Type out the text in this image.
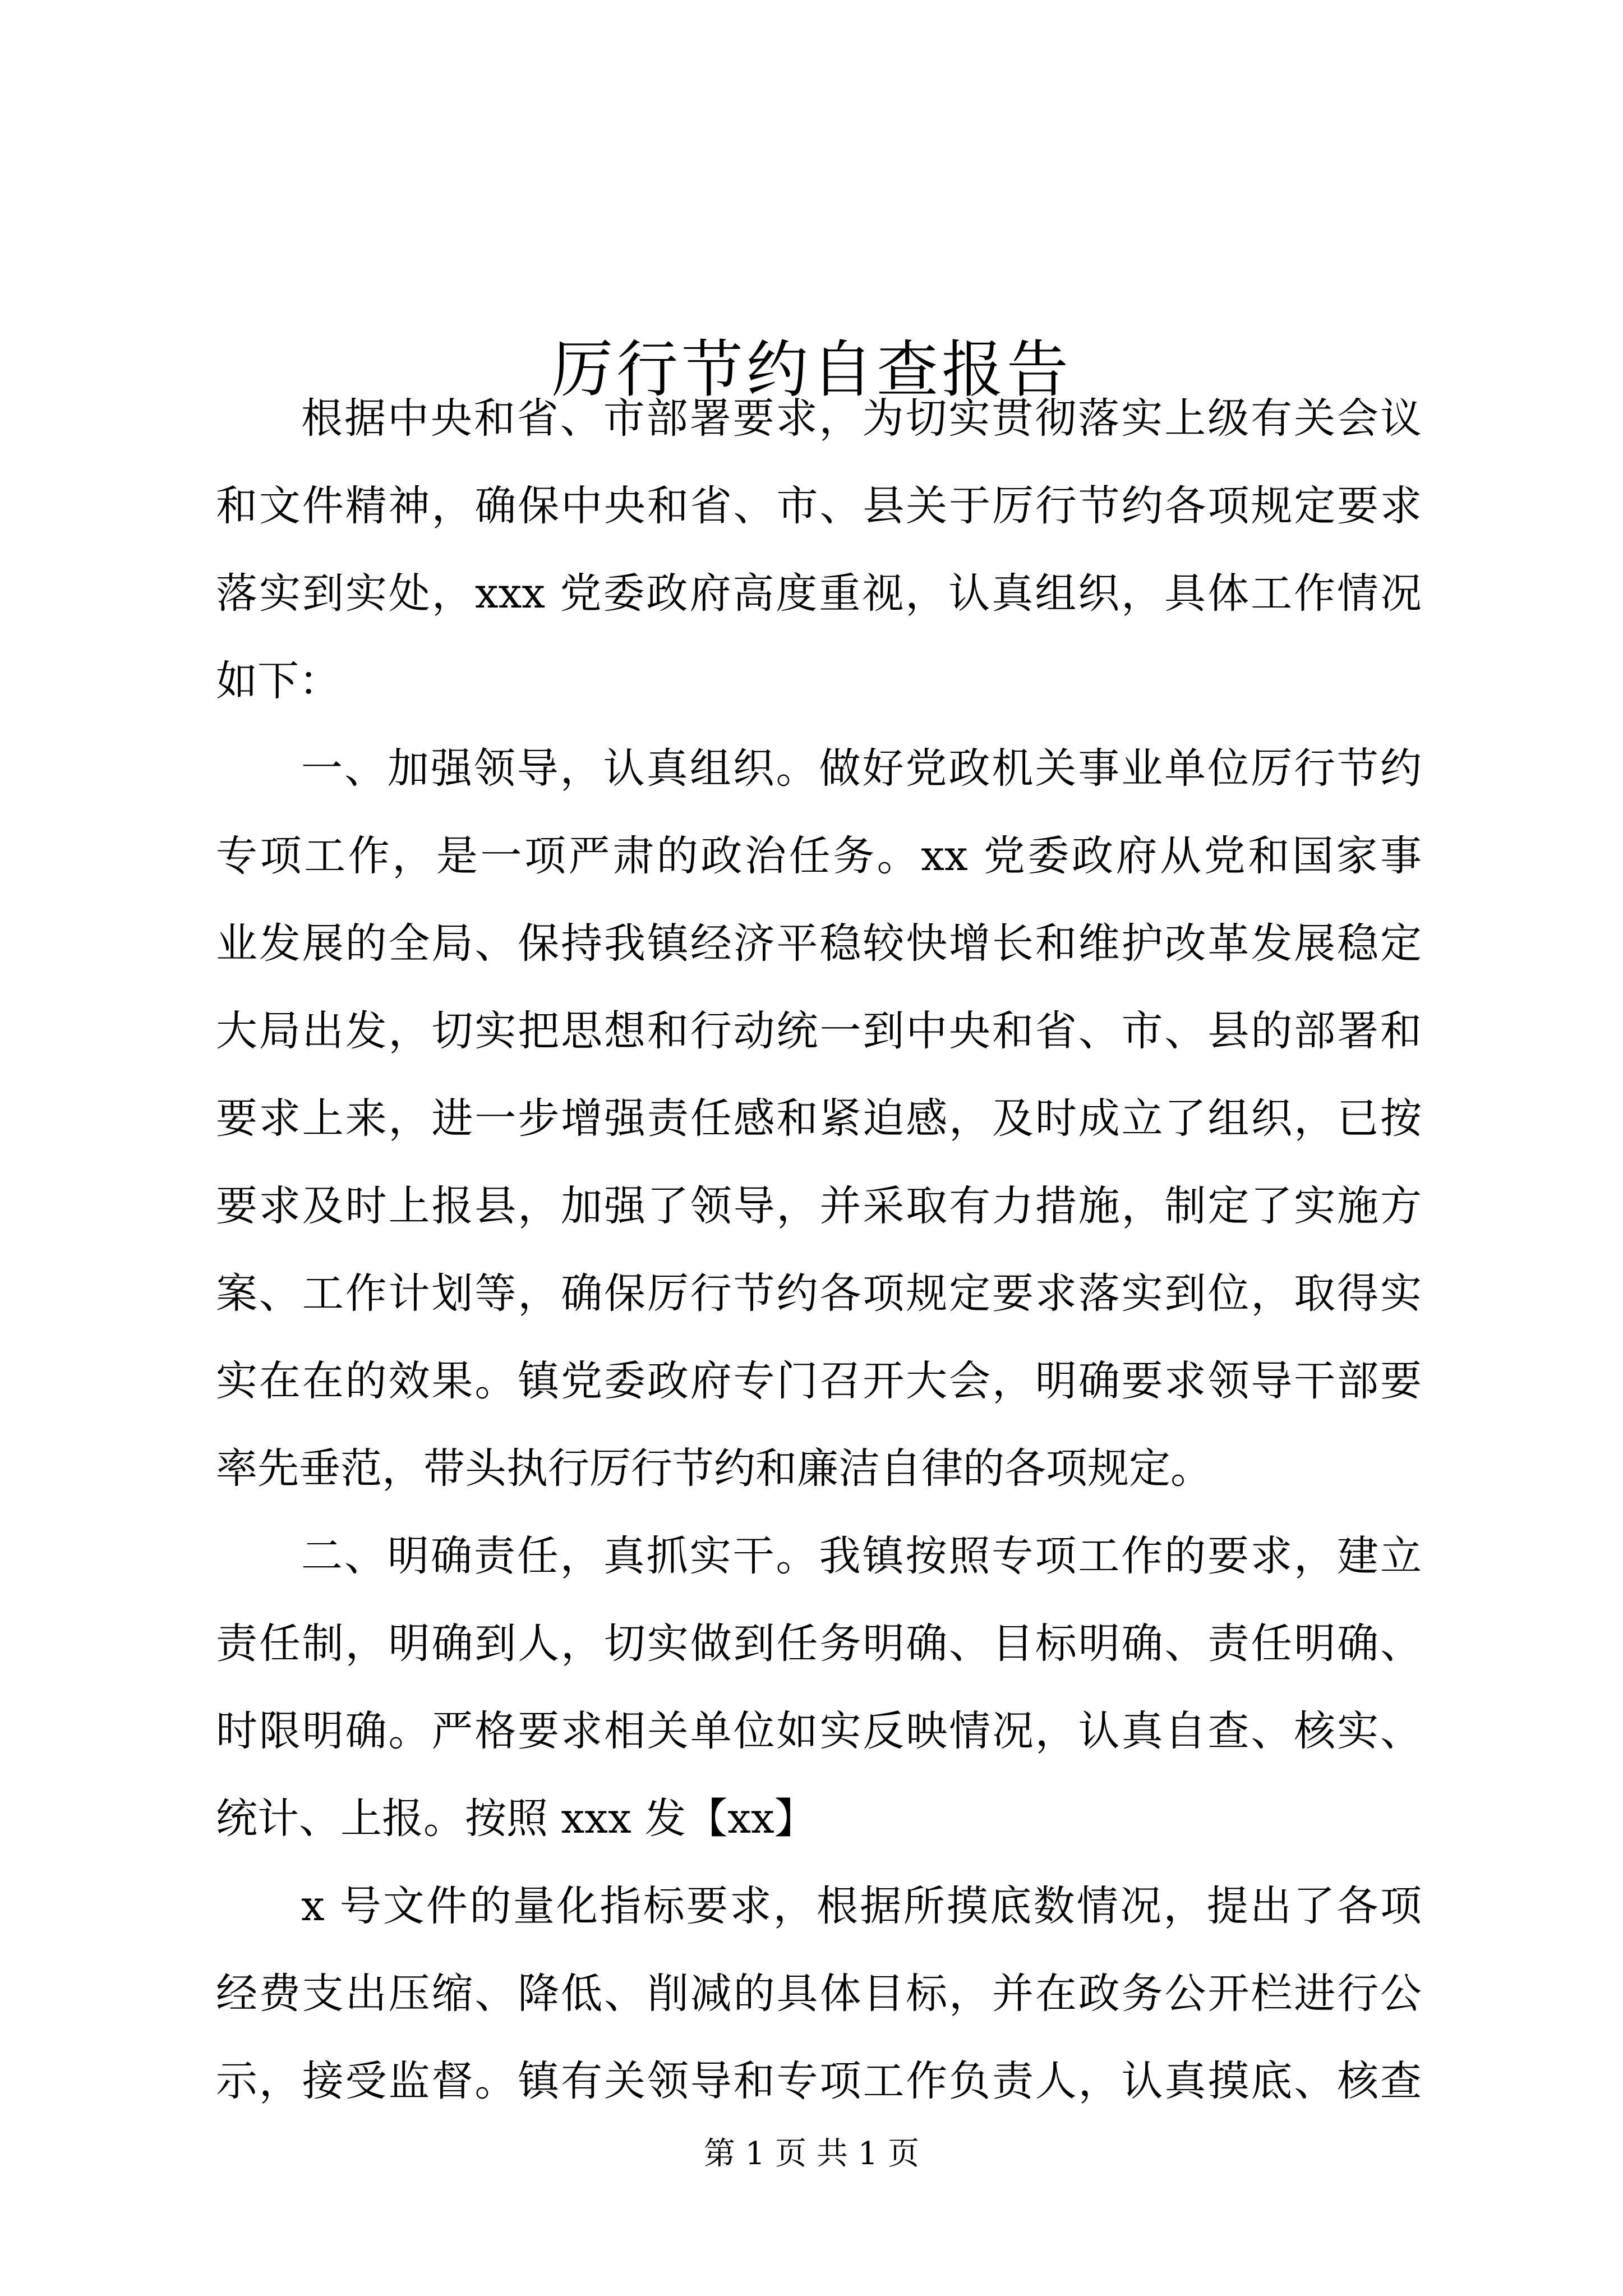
厉行节约自查报告
根据中央和省、市部署要求，为切实贯彻落实上级有关会议
和文件精神，确保中央和省、市、县关于厉行节约各项规定要求
落实到实处，xxx 党委政府高度重视，认真组织，具体工作情况
如下：
一、加强领导，认真组织。做好党政机关事业单位厉行节约
专项工作，是一项严肃的政治任务。xx 党委政府从党和国家事
业发展的全局、保持我镇经济平稳较快增长和维护改革发展稳定
大局出发，切实把思想和行动统一到中央和省、市、县的部署和
要求上来，进一步增强责任感和紧迫感，及时成立了组织，已按
要求及时上报县，加强了领导，并采取有力措施，制定了实施方
案、工作计划等，确保厉行节约各项规定要求落实到位，取得实
实在在的效果。镇党委政府专门召开大会，明确要求领导干部要
率先垂范，带头执行厉行节约和廉洁自律的各项规定。
二、明确责任，真抓实干。我镇按照专项工作的要求，建立
责任制，明确到人，切实做到任务明确、目标明确、责任明确、
时限明确。严格要求相关单位如实反映情况，认真自查、核实、
统计、上报。按照 xxx 发【xx】
x 号文件的量化指标要求，根据所摸底数情况，提出了各项
经费支出压缩、降低、削减的具体目标，并在政务公开栏进行公
示，接受监督。镇有关领导和专项工作负责人，认真摸底、核查
第 1 页 共 1 页
